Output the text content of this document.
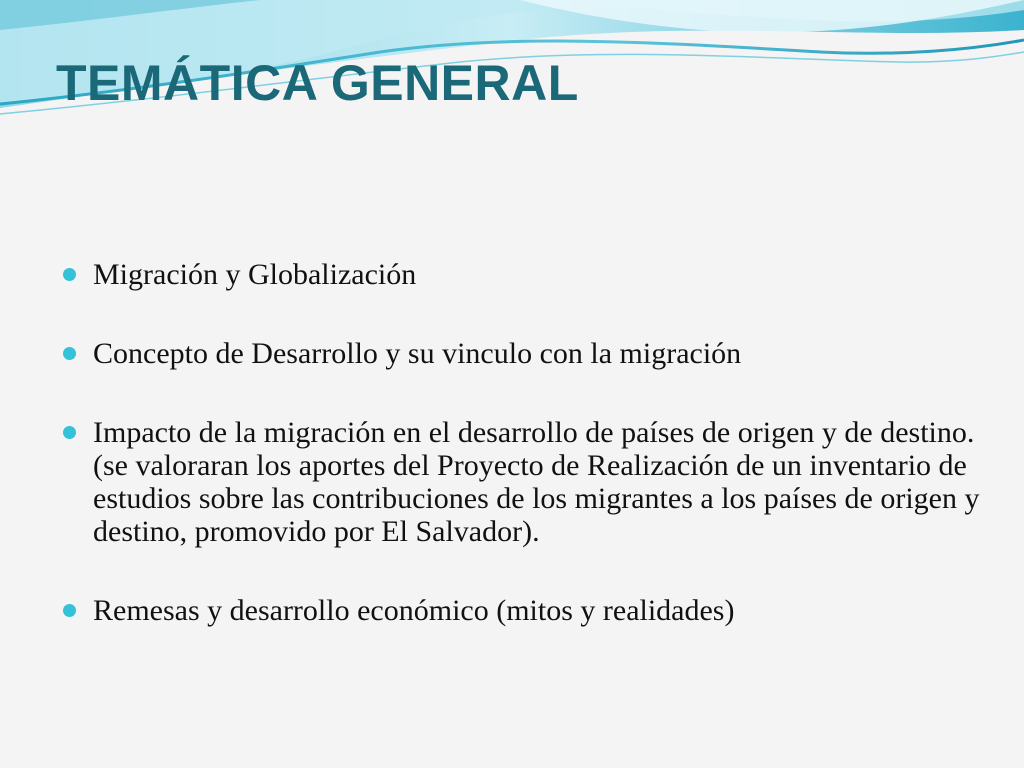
TEMÁTICA GENERAL
Migración y Globalización
Concepto de Desarrollo y su vinculo con la migración
Impacto de la migración en el desarrollo de países de origen y de destino. (se valoraran los aportes del Proyecto de Realización de un inventario de estudios sobre las contribuciones de los migrantes a los países de origen y destino, promovido por El Salvador).
Remesas y desarrollo económico (mitos y realidades)
